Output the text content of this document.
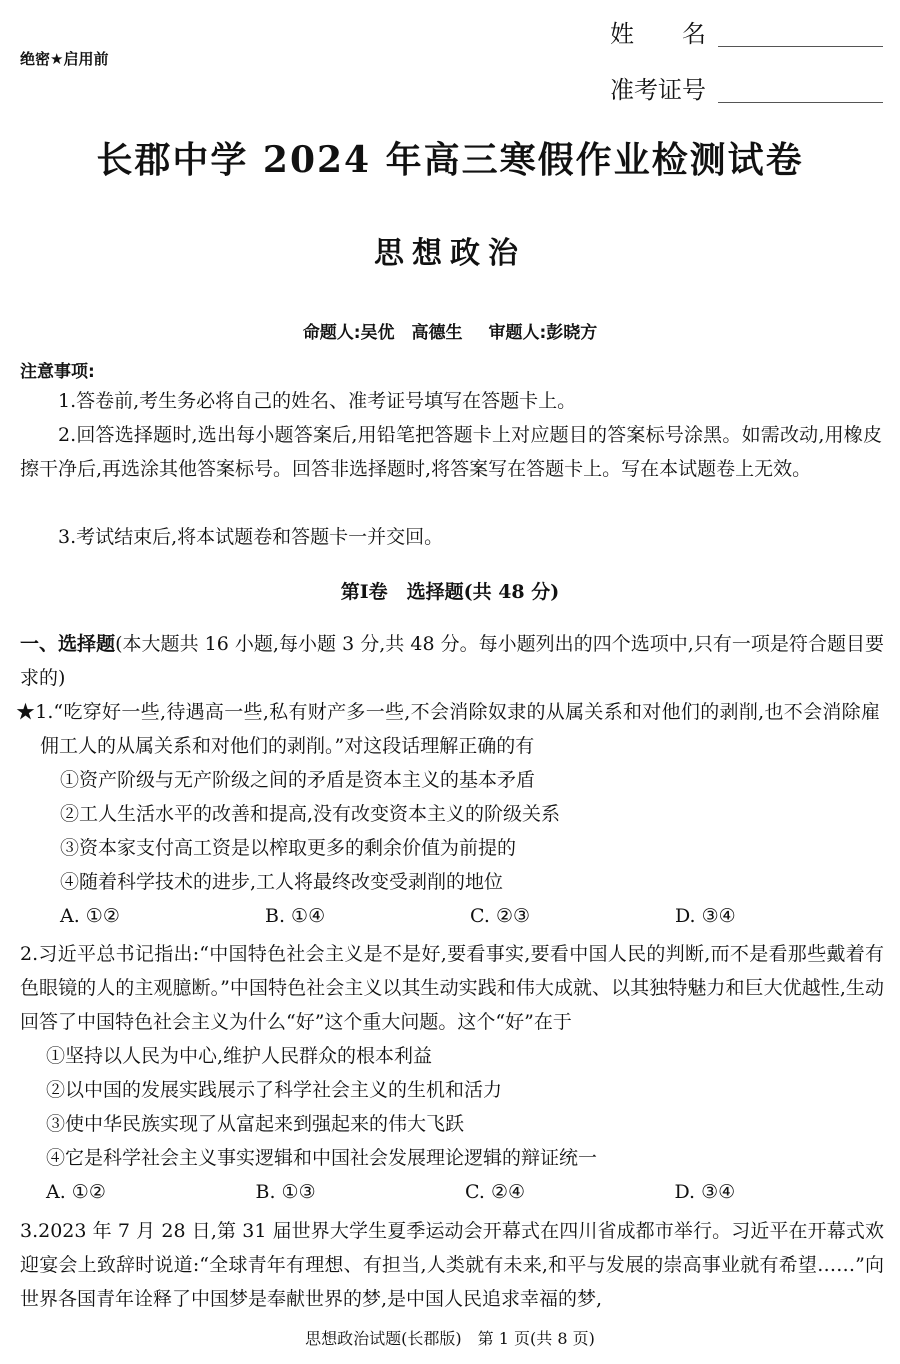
绝密★启用前
姓　　名
准考证号
长郡中学 2024 年高三寒假作业检测试卷
思想政治
命题人:吴优　高德生 审题人:彭晓方
注意事项:
1.答卷前,考生务必将自己的姓名、准考证号填写在答题卡上。
2.回答选择题时,选出每小题答案后,用铅笔把答题卡上对应题目的答案标号涂黑。如需改动,用橡皮擦干净后,再选涂其他答案标号。回答非选择题时,将答案写在答题卡上。写在本试题卷上无效。
3.考试结束后,将本试题卷和答题卡一并交回。
第Ⅰ卷　选择题(共 48 分)
一、选择题(本大题共 16 小题,每小题 3 分,共 48 分。每小题列出的四个选项中,只有一项是符合题目要求的)
★1.“吃穿好一些,待遇高一些,私有财产多一些,不会消除奴隶的从属关系和对他们的剥削,也不会消除雇佣工人的从属关系和对他们的剥削。”对这段话理解正确的有
①资产阶级与无产阶级之间的矛盾是资本主义的基本矛盾
②工人生活水平的改善和提高,没有改变资本主义的阶级关系
③资本家支付高工资是以榨取更多的剩余价值为前提的
④随着科学技术的进步,工人将最终改变受剥削的地位
A. ①②	B. ①④	C. ②③	D. ③④
2.习近平总书记指出:“中国特色社会主义是不是好,要看事实,要看中国人民的判断,而不是看那些戴着有色眼镜的人的主观臆断。”中国特色社会主义以其生动实践和伟大成就、以其独特魅力和巨大优越性,生动回答了中国特色社会主义为什么“好”这个重大问题。这个“好”在于
①坚持以人民为中心,维护人民群众的根本利益
②以中国的发展实践展示了科学社会主义的生机和活力
③使中华民族实现了从富起来到强起来的伟大飞跃
④它是科学社会主义事实逻辑和中国社会发展理论逻辑的辩证统一
A. ①②	B. ①③	C. ②④	D. ③④
3.2023 年 7 月 28 日,第 31 届世界大学生夏季运动会开幕式在四川省成都市举行。习近平在开幕式欢迎宴会上致辞时说道:“全球青年有理想、有担当,人类就有未来,和平与发展的崇高事业就有希望……”向世界各国青年诠释了中国梦是奉献世界的梦,是中国人民追求幸福的梦,
思想政治试题(长郡版)　第 1 页(共 8 页)
